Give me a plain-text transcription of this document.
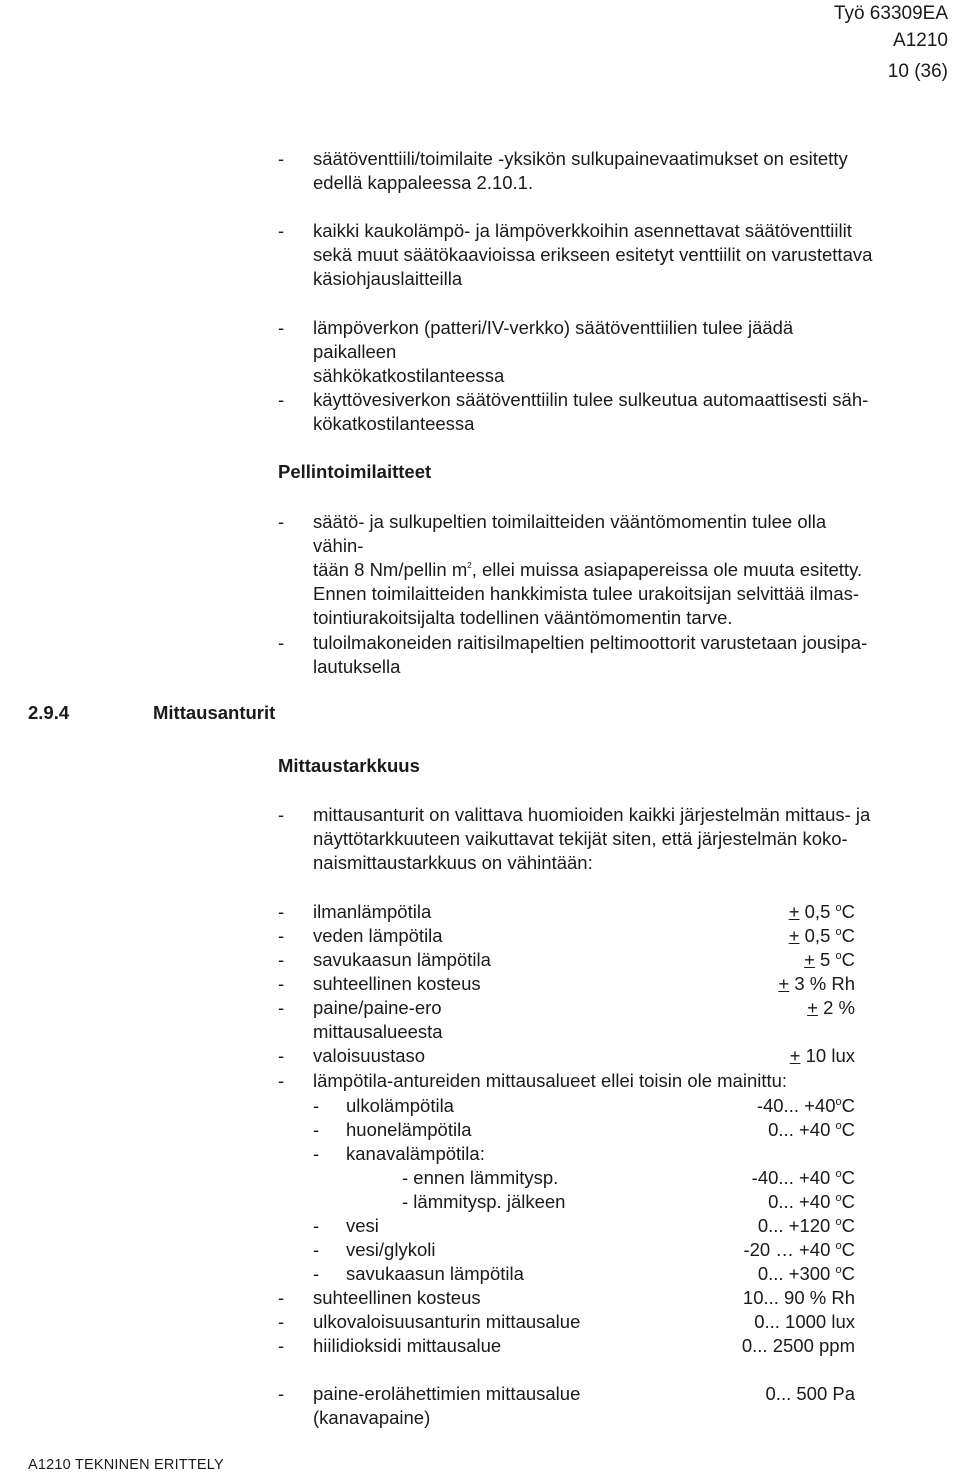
Työ 63309EA
A1210
10 (36)
- säätöventtiili/toimilaite -yksikön sulkupainevaatimukset on esitetty
edellä kappaleessa 2.10.1.
- kaikki kaukolämpö- ja lämpöverkkoihin asennettavat säätöventtiilit
sekä muut säätökaavioissa erikseen esitetyt venttiilit on varustettava
käsiohjauslaitteilla
- lämpöverkon (patteri/IV-verkko) säätöventtiilien tulee jäädä paikalleen
sähkökatkostilanteessa
- käyttövesiverkon säätöventtiilin tulee sulkeutua automaattisesti säh-
kökatkostilanteessa
Pellintoimilaitteet
- säätö- ja sulkupeltien toimilaitteiden vääntömomentin tulee olla vähin-
tään 8 Nm/pellin $m^2$, ellei muissa asiapapereissa ole muuta esitetty.
Ennen toimilaitteiden hankkimista tulee urakoitsijan selvittää ilmas-
tointiurakoitsijalta todellinen vääntömomentin tarve.
- tuloilmakoneiden raitisilmapeltien peltimoottorit varustetaan jousipa-
lautuksella
2.9.4	Mittausanturit
Mittaustarkkuus
- mittausanturit on valittava huomioiden kaikki järjestelmän mittaus- ja
näyttötarkkuuteen vaikuttavat tekijät siten, että järjestelmän koko-
naismittaustarkkuus on vähintään:
- ilmanlämpötila	+ 0,5 $^o$C
- veden lämpötila	+ 0,5 $^o$C
- savukaasun lämpötila	+ 5 $^o$C
- suhteellinen kosteus	+ 3 % Rh
- paine/paine-ero	+ 2 %
mittausalueesta
- valoisuustaso	+ 10 lux
- lämpötila-antureiden mittausalueet ellei toisin ole mainittu:
- ulkolämpötila	-40... $+40^oC$
- huonelämpötila	0... +40 $^o$C
- kanavalämpötila:
- ennen lämmitysp.	-40... +40 $^o$C
- lämmitysp. jälkeen	0... +40 $^o$C
- vesi	0... +120 $^o$C
- vesi/glykoli	-20 … +40 $^o$C
- savukaasun lämpötila	0... +300 $^o$C
- suhteellinen kosteus	10... 90 % Rh
- ulkovaloisuusanturin mittausalue	0... 1000 lux
- hiilidioksidi mittausalue	0... 2500 ppm
- paine-erolähettimien mittausalue	0... 500 Pa
(kanavapaine)
A1210 TEKNINEN ERITTELY
